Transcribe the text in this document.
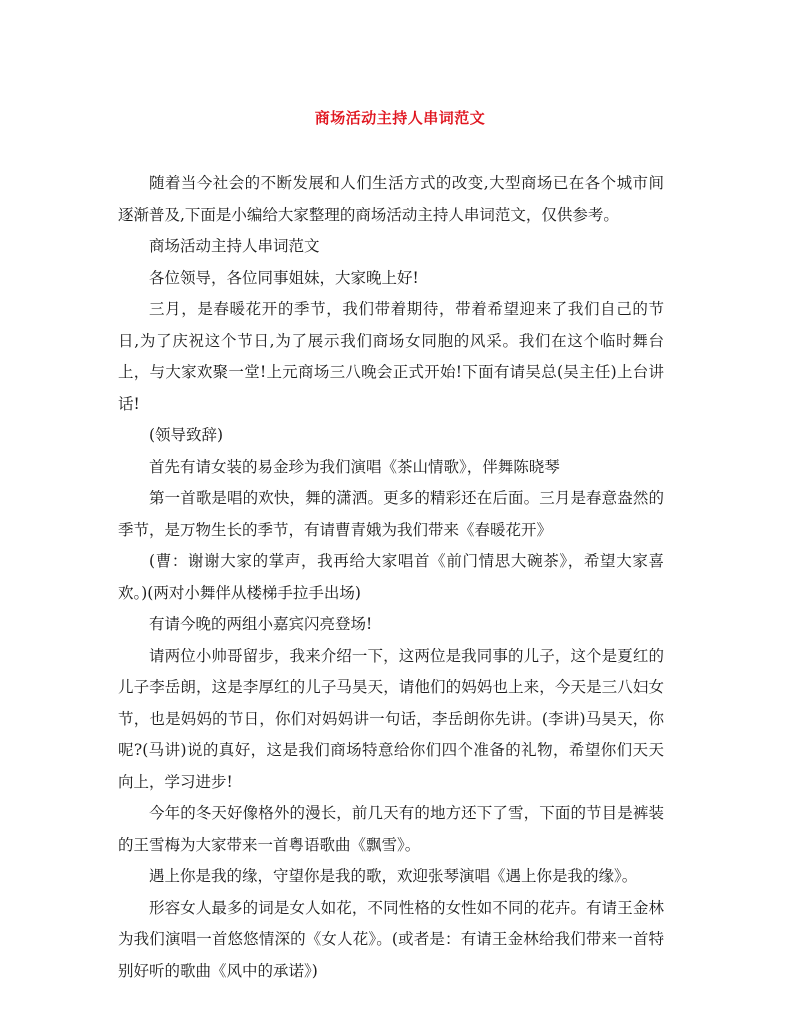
商场活动主持人串词范文

随着当今社会的不断发展和人们生活方式的改变,大型商场已在各个城市间逐渐普及,下面是小编给大家整理的商场活动主持人串词范文，仅供参考。

商场活动主持人串词范文

各位领导，各位同事姐妹，大家晚上好!

三月，是春暖花开的季节，我们带着期待，带着希望迎来了我们自己的节日,为了庆祝这个节日,为了展示我们商场女同胞的风采。我们在这个临时舞台上，与大家欢聚一堂!上元商场三八晚会正式开始!下面有请吴总(吴主任)上台讲话!

(领导致辞)

首先有请女装的易金珍为我们演唱《茶山情歌》，伴舞陈晓琴

第一首歌是唱的欢快，舞的潇洒。更多的精彩还在后面。三月是春意盎然的季节，是万物生长的季节，有请曹青娥为我们带来《春暖花开》

(曹：谢谢大家的掌声，我再给大家唱首《前门情思大碗茶》，希望大家喜欢。)(两对小舞伴从楼梯手拉手出场)

有请今晚的两组小嘉宾闪亮登场!

请两位小帅哥留步，我来介绍一下，这两位是我同事的儿子，这个是夏红的儿子李岳朗，这是李厚红的儿子马昊天，请他们的妈妈也上来，今天是三八妇女节，也是妈妈的节日，你们对妈妈讲一句话，李岳朗你先讲。(李讲)马昊天，你呢?(马讲)说的真好，这是我们商场特意给你们四个准备的礼物，希望你们天天向上，学习进步!

今年的冬天好像格外的漫长，前几天有的地方还下了雪，下面的节目是裤装的王雪梅为大家带来一首粤语歌曲《飘雪》。

遇上你是我的缘，守望你是我的歌，欢迎张琴演唱《遇上你是我的缘》。

形容女人最多的词是女人如花，不同性格的女性如不同的花卉。有请王金林为我们演唱一首悠悠情深的《女人花》。(或者是：有请王金林给我们带来一首特别好听的歌曲《风中的承诺》)
